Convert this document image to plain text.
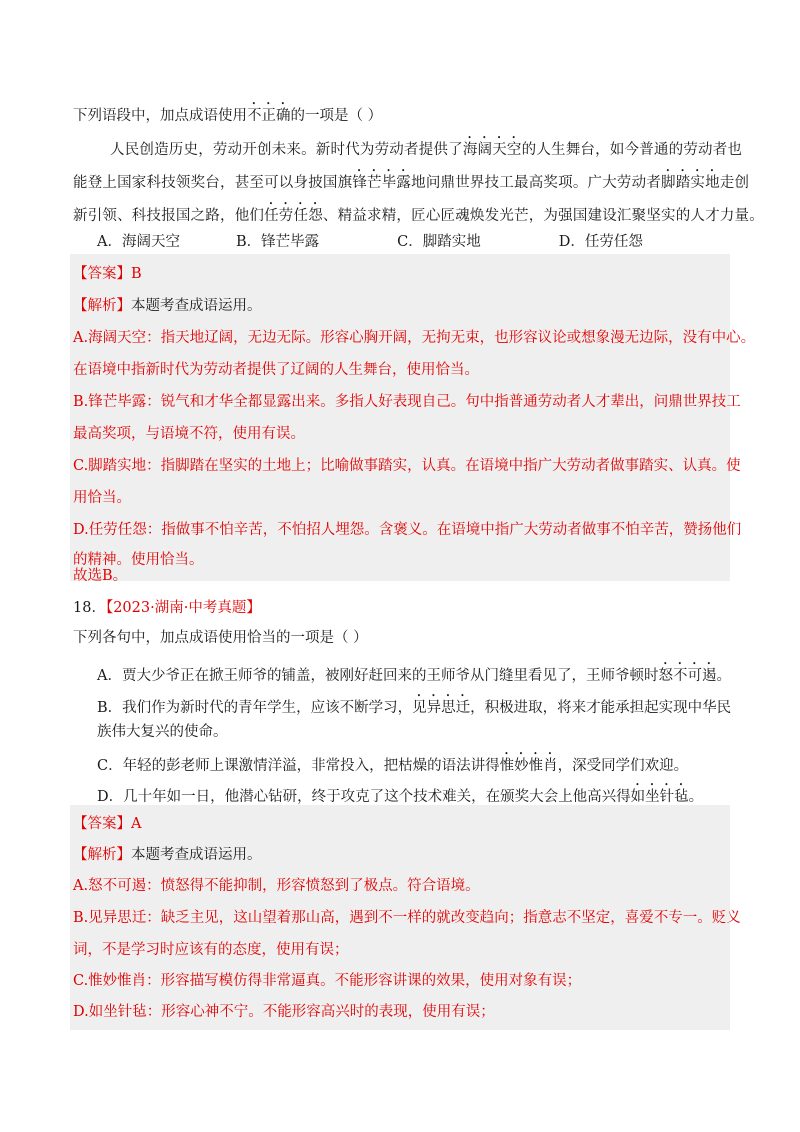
下列语段中，加点成语使用不正确的一项是（ ）
人民创造历史，劳动开创未来。新时代为劳动者提供了海阔天空的人生舞台，如今普通的劳动者也
能登上国家科技领奖台，甚至可以身披国旗锋芒毕露地问鼎世界技工最高奖项。广大劳动者脚踏实地走创
新引领、科技报国之路，他们任劳任怨、精益求精，匠心匠魂焕发光芒，为强国建设汇聚坚实的人才力量。
A．海阔天空	B．锋芒毕露	C．脚踏实地	D．任劳任怨
【答案】B
【解析】本题考查成语运用。
A.海阔天空：指天地辽阔，无边无际。形容心胸开阔，无拘无束，也形容议论或想象漫无边际，没有中心。
在语境中指新时代为劳动者提供了辽阔的人生舞台，使用恰当。
B.锋芒毕露：锐气和才华全都显露出来。多指人好表现自己。句中指普通劳动者人才辈出，问鼎世界技工
最高奖项，与语境不符，使用有误。
C.脚踏实地：指脚踏在坚实的土地上；比喻做事踏实，认真。在语境中指广大劳动者做事踏实、认真。使
用恰当。
D.任劳任怨：指做事不怕辛苦，不怕招人埋怨。含褒义。在语境中指广大劳动者做事不怕辛苦，赞扬他们
的精神。使用恰当。
故选B。
18．【2023·湖南·中考真题】
下列各句中，加点成语使用恰当的一项是（ ）
A．贾大少爷正在掀王师爷的铺盖，被刚好赶回来的王师爷从门缝里看见了，王师爷顿时怒不可遏。
B．我们作为新时代的青年学生，应该不断学习，见异思迁，积极进取，将来才能承担起实现中华民
族伟大复兴的使命。
C．年轻的彭老师上课激情洋溢，非常投入，把枯燥的语法讲得惟妙惟肖，深受同学们欢迎。
D．几十年如一日，他潜心钻研，终于攻克了这个技术难关，在颁奖大会上他高兴得如坐针毡。
【答案】A
【解析】本题考查成语运用。
A.怒不可遏：愤怒得不能抑制，形容愤怒到了极点。符合语境。
B.见异思迁：缺乏主见，这山望着那山高，遇到不一样的就改变趋向；指意志不坚定，喜爱不专一。贬义
词，不是学习时应该有的态度，使用有误；
C.惟妙惟肖：形容描写模仿得非常逼真。不能形容讲课的效果，使用对象有误；
D.如坐针毡：形容心神不宁。不能形容高兴时的表现，使用有误；
